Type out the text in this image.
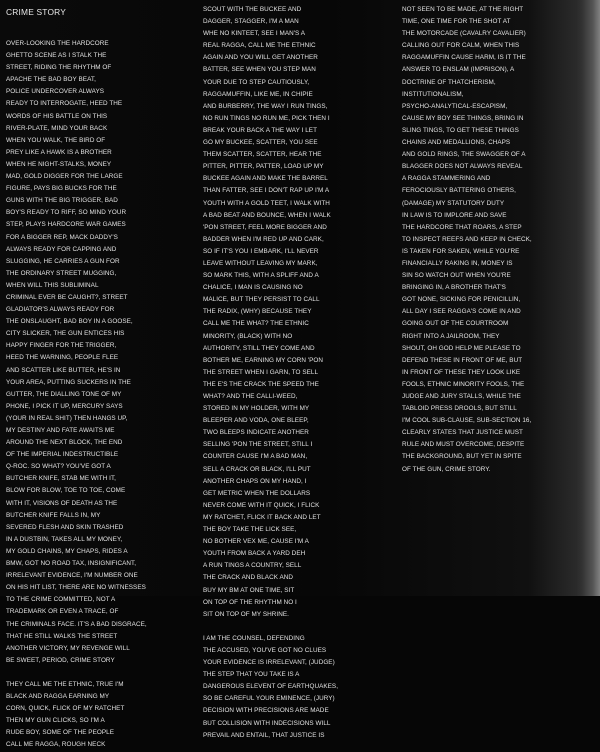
CRIME STORY
OVER-LOOKING THE HARDCORE
GHETTO SCENE AS I STALK THE
STREET, RIDING THE RHYTHM OF
APACHE THE BAD BOY BEAT,
POLICE UNDERCOVER ALWAYS
READY TO INTERROGATE, HEED THE
WORDS OF HIS BATTLE ON THIS
RIVER-PLATE, MIND YOUR BACK
WHEN YOU WALK, THE BIRD OF
PREY LIKE A HAWK IS A BROTHER
WHEN HE NIGHT-STALKS, MONEY
MAD, GOLD DIGGER FOR THE LARGE
FIGURE, PAYS BIG BUCKS FOR THE
GUNS WITH THE BIG TRIGGER, BAD
BOY'S READY TO RIFF, SO MIND YOUR
STEP, PLAYS HARDCORE WAR GAMES
FOR A BIGGER REP, MACK DADDY'S
ALWAYS READY FOR CAPPING AND
SLUGGING, HE CARRIES A GUN FOR
THE ORDINARY STREET MUGGING,
WHEN WILL THIS SUBLIMINAL
CRIMINAL EVER BE CAUGHT?, STREET
GLADIATOR'S ALWAYS READY FOR
THE ONSLAUGHT, BAD BOY IN A GOOSE,
CITY SLICKER, THE GUN ENTICES HIS
HAPPY FINGER FOR THE TRIGGER,
HEED THE WARNING, PEOPLE FLEE
AND SCATTER LIKE BUTTER, HE'S IN
YOUR AREA, PUTTING SUCKERS IN THE
GUTTER, THE DIALLING TONE OF MY
PHONE, I PICK IT UP, MERCURY SAYS
(YOUR IN REAL SHIT) THEN HANGS UP,
MY DESTINY AND FATE AWAITS ME
AROUND THE NEXT BLOCK, THE END
OF THE IMPERIAL INDESTRUCTIBLE
Q-ROC. SO WHAT? YOU'VE GOT A
BUTCHER KNIFE, STAB ME WITH IT,
BLOW FOR BLOW, TOE TO TOE, COME
WITH IT, VISIONS OF DEATH AS THE
BUTCHER KNIFE FALLS IN, MY
SEVERED FLESH AND SKIN TRASHED
IN A DUSTBIN, TAKES ALL MY MONEY,
MY GOLD CHAINS, MY CHAPS, RIDES A
BMW, GOT NO ROAD TAX, INSIGNIFICANT,
IRRELEVANT EVIDENCE, I'M NUMBER ONE
ON HIS HIT LIST, THERE ARE NO WITNESSES
TO THE CRIME COMMITTED, NOT A
TRADEMARK OR EVEN A TRACE, OF
THE CRIMINALS FACE. IT'S A BAD DISGRACE,
THAT HE STILL WALKS THE STREET
ANOTHER VICTORY, MY REVENGE WILL
BE SWEET, PERIOD, CRIME STORY
THEY CALL ME THE ETHNIC, TRUE I'M
BLACK AND RAGGA EARNING MY
CORN, QUICK, FLICK OF MY RATCHET
THEN MY GUN CLICKS, SO I'M A
RUDE BOY, SOME OF THE PEOPLE
CALL ME RAGGA, ROUGH NECK
SCOUT WITH THE BUCKEE AND
DAGGER, STAGGER, I'M A MAN
WHE NO KINTEET, SEE I MAN'S A
REAL RAGGA, CALL ME THE ETHNIC
AGAIN AND YOU WILL GET ANOTHER
BATTER, SEE WHEN YOU STEP MAN
YOUR DUE TO STEP CAUTIOUSLY,
RAGGAMUFFIN, LIKE ME, IN CHIPIE
AND BURBERRY, THE WAY I RUN TINGS,
NO RUN TINGS NO RUN ME, PICK THEN I
BREAK YOUR BACK A THE WAY I LET
GO MY BUCKEE, SCATTER, YOU SEE
THEM SCATTER, SCATTER, HEAR THE
PITTER, PITTER, PATTER, LOAD UP MY
BUCKEE AGAIN AND MAKE THE BARREL
THAN FATTER, SEE I DON'T RAP UP I'M A
YOUTH WITH A GOLD TEET, I WALK WITH
A BAD BEAT AND BOUNCE, WHEN I WALK
'PON STREET, FEEL MORE BIGGER AND
BADDER WHEN I'M RED UP AND CARK,
SO IF IT'S YOU I EMBARK, I'LL NEVER
LEAVE WITHOUT LEAVING MY MARK,
SO MARK THIS, WITH A SPLIFF AND A
CHALICE, I MAN IS CAUSING NO
MALICE, BUT THEY PERSIST TO CALL
THE RADIX, (WHY) BECAUSE THEY
CALL ME THE WHAT? THE ETHNIC
MINORITY, (BLACK) WITH NO
AUTHORITY, STILL THEY COME AND
BOTHER ME, EARNING MY CORN 'PON
THE STREET WHEN I GARN, TO SELL
THE E'S THE CRACK THE SPEED THE
WHAT? AND THE CALLI-WEED,
STORED IN MY HOLDER, WITH MY
BLEEPER AND VODA, ONE BLEEP,
TWO BLEEPS INDICATE ANOTHER
SELLING 'PON THE STREET, STILL I
COUNTER CAUSE I'M A BAD MAN,
SELL A CRACK OR BLACK, I'LL PUT
ANOTHER CHAPS ON MY HAND, I
GET METRIC WHEN THE DOLLARS
NEVER COME WITH IT QUICK, I FLICK
MY RATCHET, FLICK IT BACK AND LET
THE BOY TAKE THE LICK SEE,
NO BOTHER VEX ME, CAUSE I'M A
YOUTH FROM BACK A YARD DEH
A RUN TINGS A COUNTRY, SELL
THE CRACK AND BLACK AND
BUY MY BM AT ONE TIME, SIT
ON TOP OF THE RHYTHM NO I
SIT ON TOP OF MY SHRINE.
I AM THE COUNSEL, DEFENDING
THE ACCUSED, YOU'VE GOT NO CLUES
YOUR EVIDENCE IS IRRELEVANT, (JUDGE)
THE STEP THAT YOU TAKE IS A
DANGEROUS ELEVENT OF EARTHQUAKES,
SO BE CAREFUL YOUR EMINENCE, (JURY)
DECISION WITH PRECISIONS ARE MADE
BUT COLLISION WITH INDECISIONS WILL
PREVAIL AND ENTAIL, THAT JUSTICE IS
NOT SEEN TO BE MADE, AT THE RIGHT
TIME, ONE TIME FOR THE SHOT AT
THE MOTORCADE (CAVALRY CAVALIER)
CALLING OUT FOR CALM, WHEN THIS
RAGGAMUFFIN CAUSE HARM, IS IT THE
ANSWER TO ENSLAM (IMPRISON), A
DOCTRINE OF THATCHERISM,
INSTITUTIONALISM,
PSYCHO-ANALYTICAL-ESCAPISM,
CAUSE MY BOY SEE THINGS, BRING IN
SLING TINGS, TO GET THESE THINGS
CHAINS AND MEDALLIONS, CHAPS
AND GOLD RINGS, THE SWAGGER OF A
BLAGGER DOES NOT ALWAYS REVEAL
A RAGGA STAMMERING AND
FEROCIOUSLY BATTERING OTHERS,
(DAMAGE) MY STATUTORY DUTY
IN LAW IS TO IMPLORE AND SAVE
THE HARDCORE THAT ROARS, A STEP
TO INSPECT REEFS AND KEEP IN CHECK,
IS TAKEN FOR SAKEN, WHILE YOU'RE
FINANCIALLY RAKING IN, MONEY IS
SIN SO WATCH OUT WHEN YOU'RE
BRINGING IN, A BROTHER THAT'S
GOT NONE, SICKING FOR PENICILLIN,
ALL DAY I SEE RAGGA'S COME IN AND
GOING OUT OF THE COURTROOM
RIGHT INTO A JAILROOM, THEY
SHOUT, OH GOD HELP ME PLEASE TO
DEFEND THESE IN FRONT OF ME, BUT
IN FRONT OF THESE THEY LOOK LIKE
FOOLS, ETHNIC MINORITY FOOLS, THE
JUDGE AND JURY STALLS, WHILE THE
TABLOID PRESS DROOLS, BUT STILL
I'M COOL SUB-CLAUSE, SUB-SECTION 16,
CLEARLY STATES THAT JUSTICE MUST
RULE AND MUST OVERCOME, DESPITE
THE BACKGROUND, BUT YET IN SPITE
OF THE GUN, CRIME STORY.
